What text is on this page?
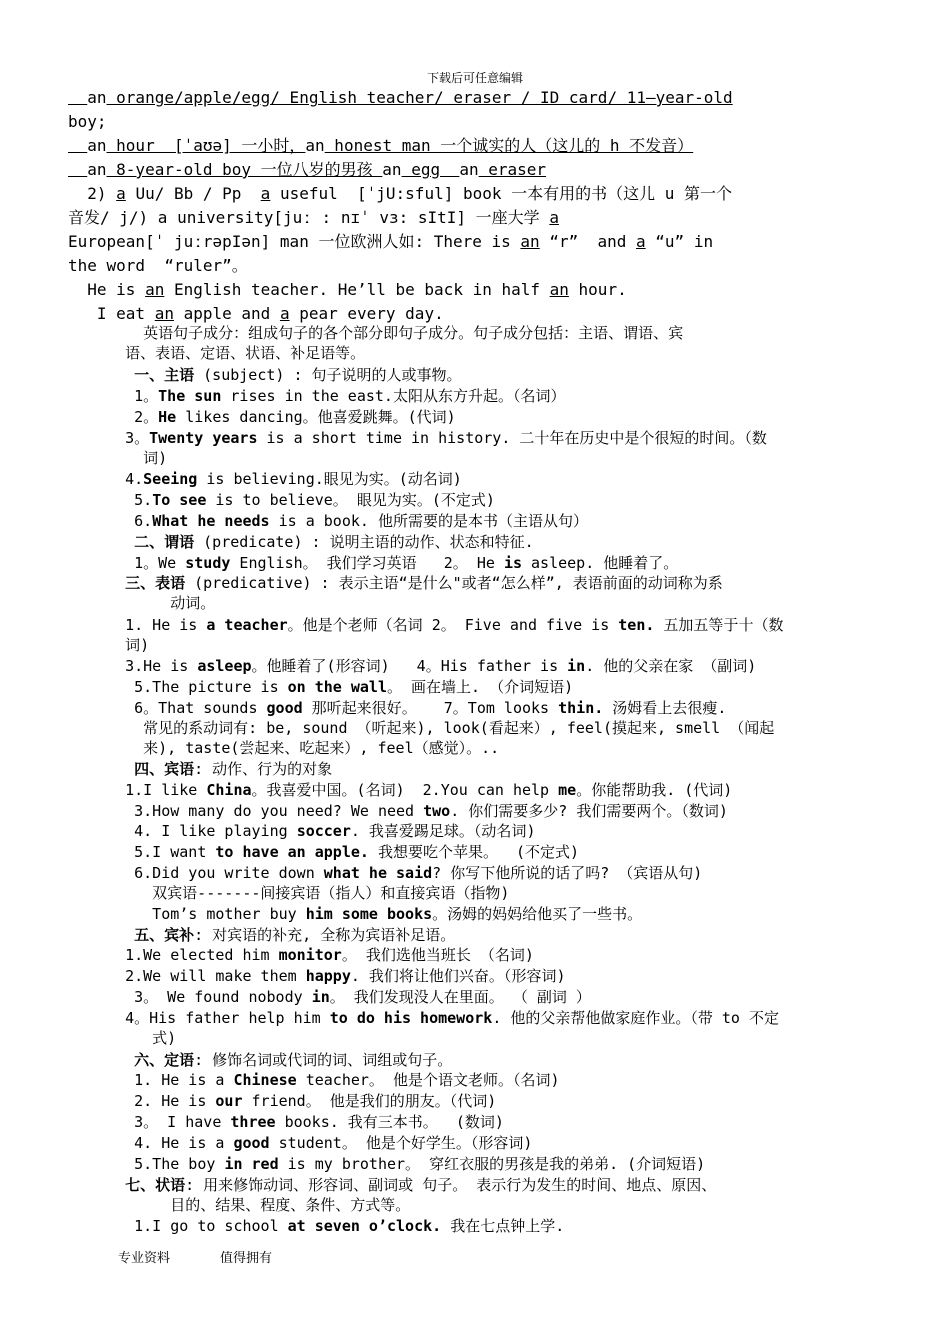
下载后可任意编辑
an orange/apple/egg/ English teacher/ eraser / ID card/ 11—year-old
boy;
an hour  [ˈaʊə] 一小时，an honest man 一个诚实的人（这儿的 h 不发音）
an 8-year-old boy 一位八岁的男孩 an egg  an eraser
2) a Uu/ Bb / Pp  a useful  [ˈjU:sful] book 一本有用的书（这儿 u 第一个
音发/ j/) a university[juː : nɪˈ vɜ: sItI] 一座大学 a
European[ˈ juːrəpIən] man 一位欧洲人如: There is an “r”  and a “u” in
the word  “ruler”。
He is an English teacher. He’ll be back in half an hour.
I eat an apple and a pear every day.
英语句子成分：组成句子的各个部分即句子成分。句子成分包括：主语、谓语、宾
语、表语、定语、状语、补足语等。
一、主语 (subject) : 句子说明的人或事物。
1。The sun rises in the east.太阳从东方升起。（名词）
2。He likes dancing。他喜爱跳舞。(代词)
3。Twenty years is a short time in history. 二十年在历史中是个很短的时间。（数
词)
4.Seeing is believing.眼见为实。(动名词)
5.To see is to believe。 眼见为实。(不定式)
6.What he needs is a book. 他所需要的是本书（主语从句）
二、谓语 (predicate) : 说明主语的动作、状态和特征.
1。We study English。 我们学习英语   2。 He is asleep. 他睡着了。
三、表语 (predicative) : 表示主语“是什么"或者“怎么样”, 表语前面的动词称为系
动词。
1. He is a teacher。他是个老师（名词 2。 Five and five is ten. 五加五等于十（数
词)
3.He is asleep。他睡着了(形容词)   4。His father is in. 他的父亲在家 （副词)
5.The picture is on the wall。 画在墙上. （介词短语)
6。That sounds good 那听起来很好。   7。Tom looks thin. 汤姆看上去很瘦.
常见的系动词有: be, sound （听起来), look(看起来）, feel(摸起来, smell （闻起
来), taste(尝起来、吃起来）, feel（感觉）。..
四、宾语: 动作、行为的对象
1.I like China。我喜爱中国。(名词)  2.You can help me。你能帮助我. (代词)
3.How many do you need? We need two. 你们需要多少? 我们需要两个。（数词)
4. I like playing soccer. 我喜爱踢足球。（动名词)
5.I want to have an apple. 我想要吃个苹果。  (不定式)
6.Did you write down what he said? 你写下他所说的话了吗? （宾语从句)
双宾语-------间接宾语（指人）和直接宾语（指物)
Tom’s mother buy him some books。汤姆的妈妈给他买了一些书。
五、宾补: 对宾语的补充, 全称为宾语补足语。
1.We elected him monitor。 我们选他当班长 （名词)
2.We will make them happy. 我们将让他们兴奋。（形容词)
3。 We found nobody in。 我们发现没人在里面。 （ 副词 ）
4。His father help him to do his homework. 他的父亲帮他做家庭作业。（带 to 不定
式)
六、定语: 修饰名词或代词的词、词组或句子。
1. He is a Chinese teacher。 他是个语文老师。（名词)
2. He is our friend。 他是我们的朋友。（代词)
3。 I have three books. 我有三本书。  (数词)
4. He is a good student。 他是个好学生。（形容词)
5.The boy in red is my brother。 穿红衣服的男孩是我的弟弟. (介词短语)
七、状语: 用来修饰动词、形容词、副词或 句子。 表示行为发生的时间、地点、原因、
目的、结果、程度、条件、方式等。
1.I go to school at seven o’clock. 我在七点钟上学.
专业资料	值得拥有
